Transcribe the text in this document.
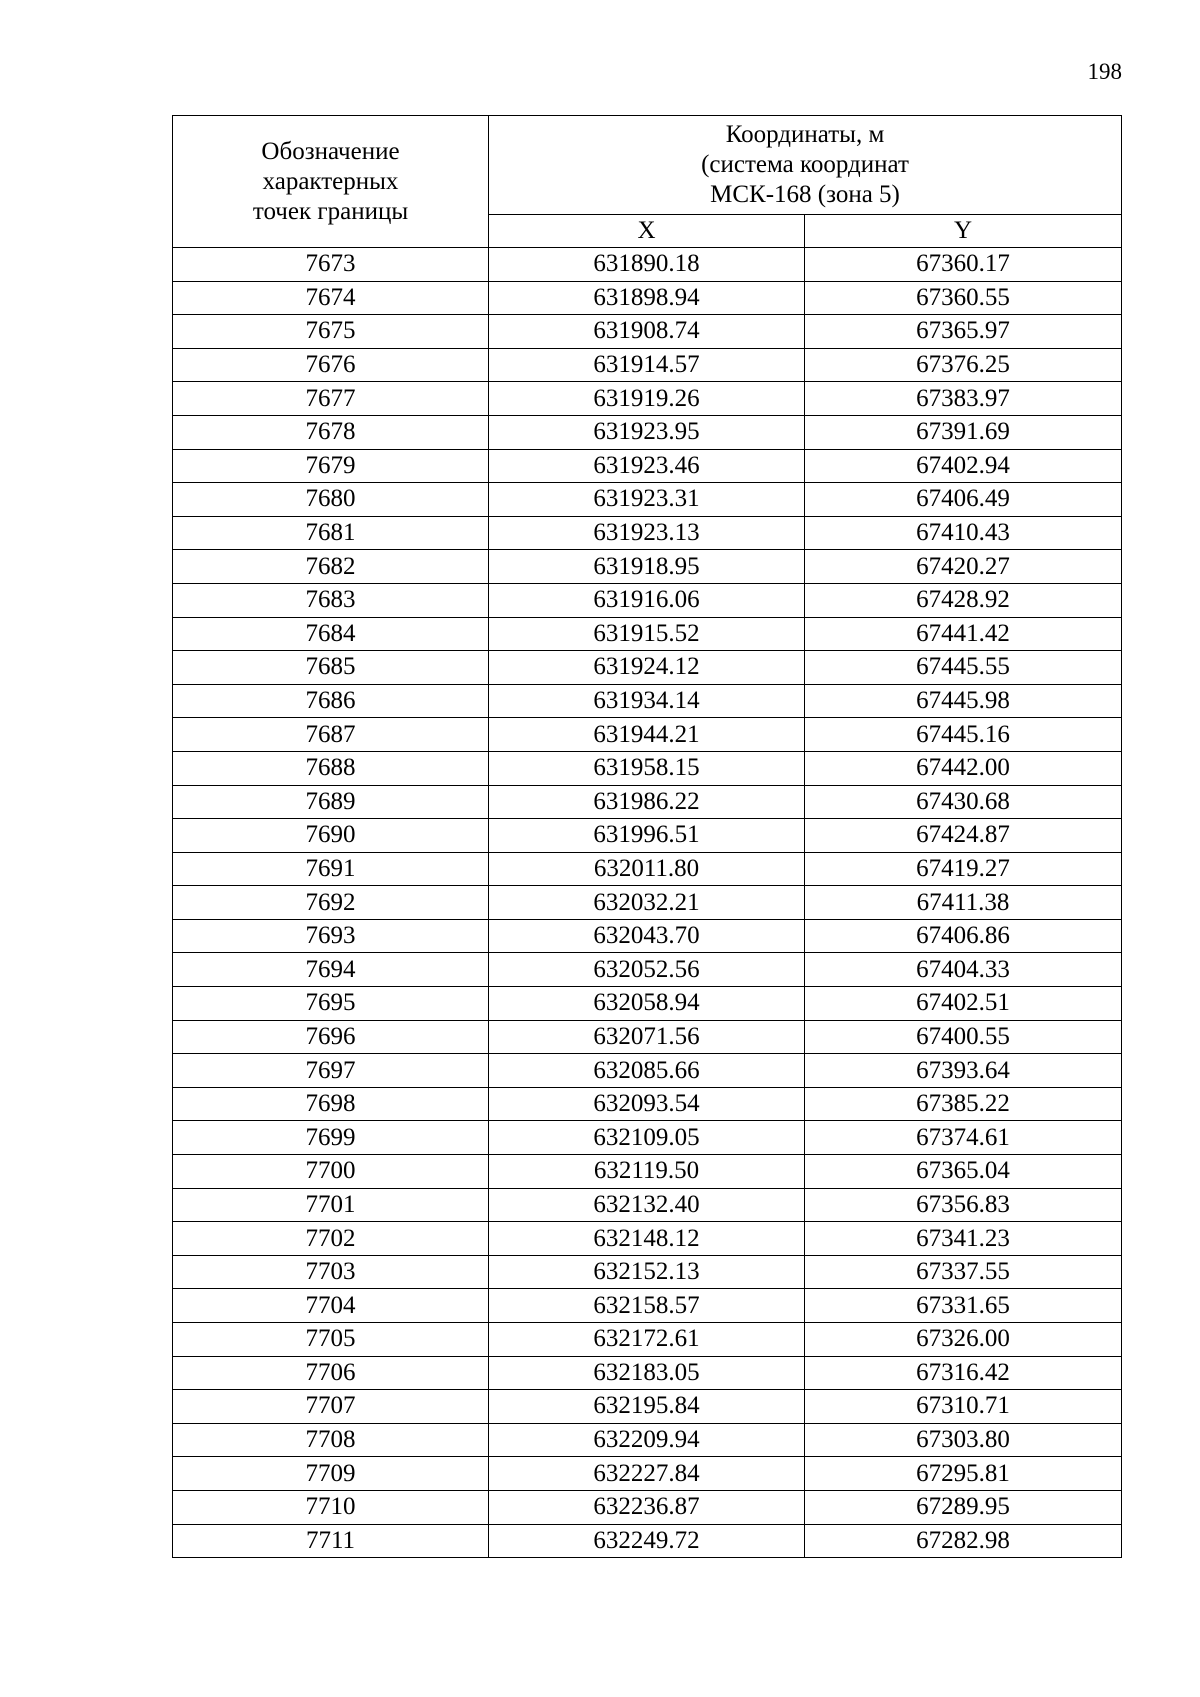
198
Обозначение характерных точек границы	Координаты, м
(система координат
МСК-168 (зона 5)	

	X	Y
7673	631890.18	67360.17
7674	631898.94	67360.55
7675	631908.74	67365.97
7676	631914.57	67376.25
7677	631919.26	67383.97
7678	631923.95	67391.69
7679	631923.46	67402.94
7680	631923.31	67406.49
7681	631923.13	67410.43
7682	631918.95	67420.27
7683	631916.06	67428.92
7684	631915.52	67441.42
7685	631924.12	67445.55
7686	631934.14	67445.98
7687	631944.21	67445.16
7688	631958.15	67442.00
7689	631986.22	67430.68
7690	631996.51	67424.87
7691	632011.80	67419.27
7692	632032.21	67411.38
7693	632043.70	67406.86
7694	632052.56	67404.33
7695	632058.94	67402.51
7696	632071.56	67400.55
7697	632085.66	67393.64
7698	632093.54	67385.22
7699	632109.05	67374.61
7700	632119.50	67365.04
7701	632132.40	67356.83
7702	632148.12	67341.23
7703	632152.13	67337.55
7704	632158.57	67331.65
7705	632172.61	67326.00
7706	632183.05	67316.42
7707	632195.84	67310.71
7708	632209.94	67303.80
7709	632227.84	67295.81
7710	632236.87	67289.95
7711	632249.72	67282.98
